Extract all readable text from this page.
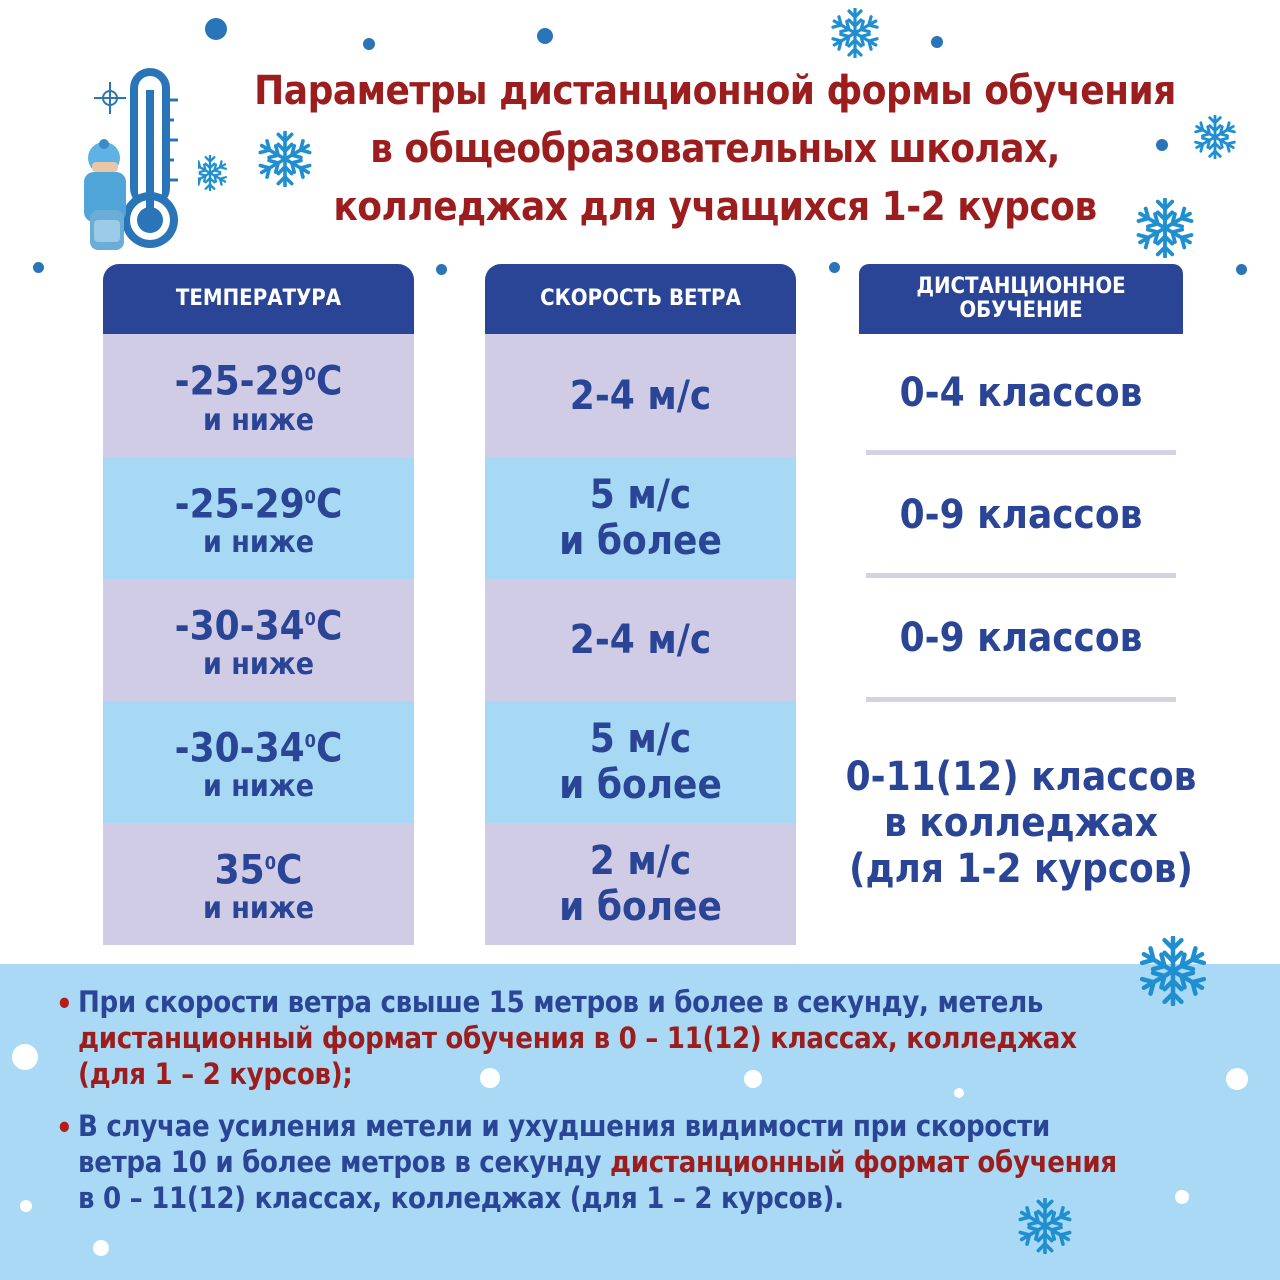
Параметры дистанционной формы обучения
в общеобразовательных школах,
колледжах для учащихся 1-2 курсов
ТЕМПЕРАТУРА	СКОРОСТЬ ВЕТРА	ДИСТАНЦИОННОЕ
ОБУЧЕНИЕ
$-25-29^0С$
и ниже
$-25-29^0С$
и ниже
$-30-34^0С$
и ниже
$-30-34^0С$
и ниже
$35^0С$
и ниже
2-4 м/с
5 м/с
и более
2-4 м/с
5 м/с
и более
2 м/с
и более
0-4 классов
0-9 классов
0-9 классов
0-11(12) классов
в колледжах
(для 1-2 курсов)
• При скорости ветра свыше 15 метров и более в секунду, метель
дистанционный формат обучения в 0 – 11(12) классах, колледжах
(для 1 – 2 курсов);
• В случае усиления метели и ухудшения видимости при скорости
ветра 10 и более метров в секунду дистанционный формат обучения
в 0 – 11(12) классах, колледжах (для 1 – 2 курсов).
